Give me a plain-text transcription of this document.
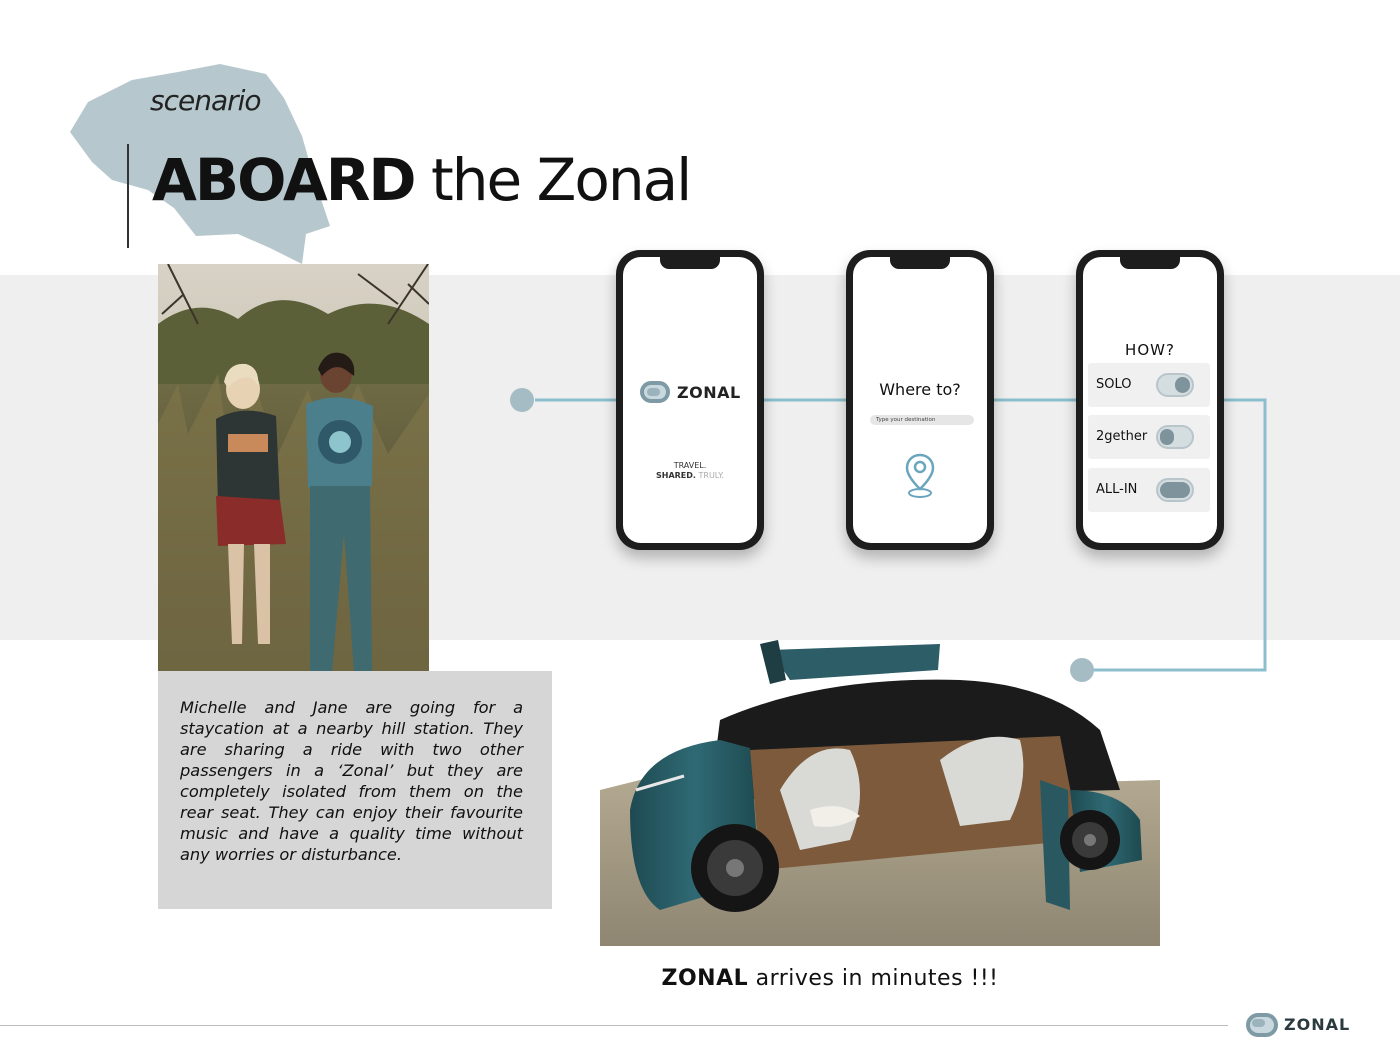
scenario
ABOARD the Zonal
Michelle and Jane are going for a staycation at a nearby hill station. They are sharing a ride with two other passengers in a ‘Zonal’ but they are completely isolated from them on the rear seat. They can enjoy their favourite music and have a quality time without any worries or disturbance.
ZONAL
TRAVEL.
SHARED. TRULY.
Where to?
Type your destination
HOW?
SOLO
2gether
ALL-IN
ZONAL arrives in minutes !!!
ZONAL
